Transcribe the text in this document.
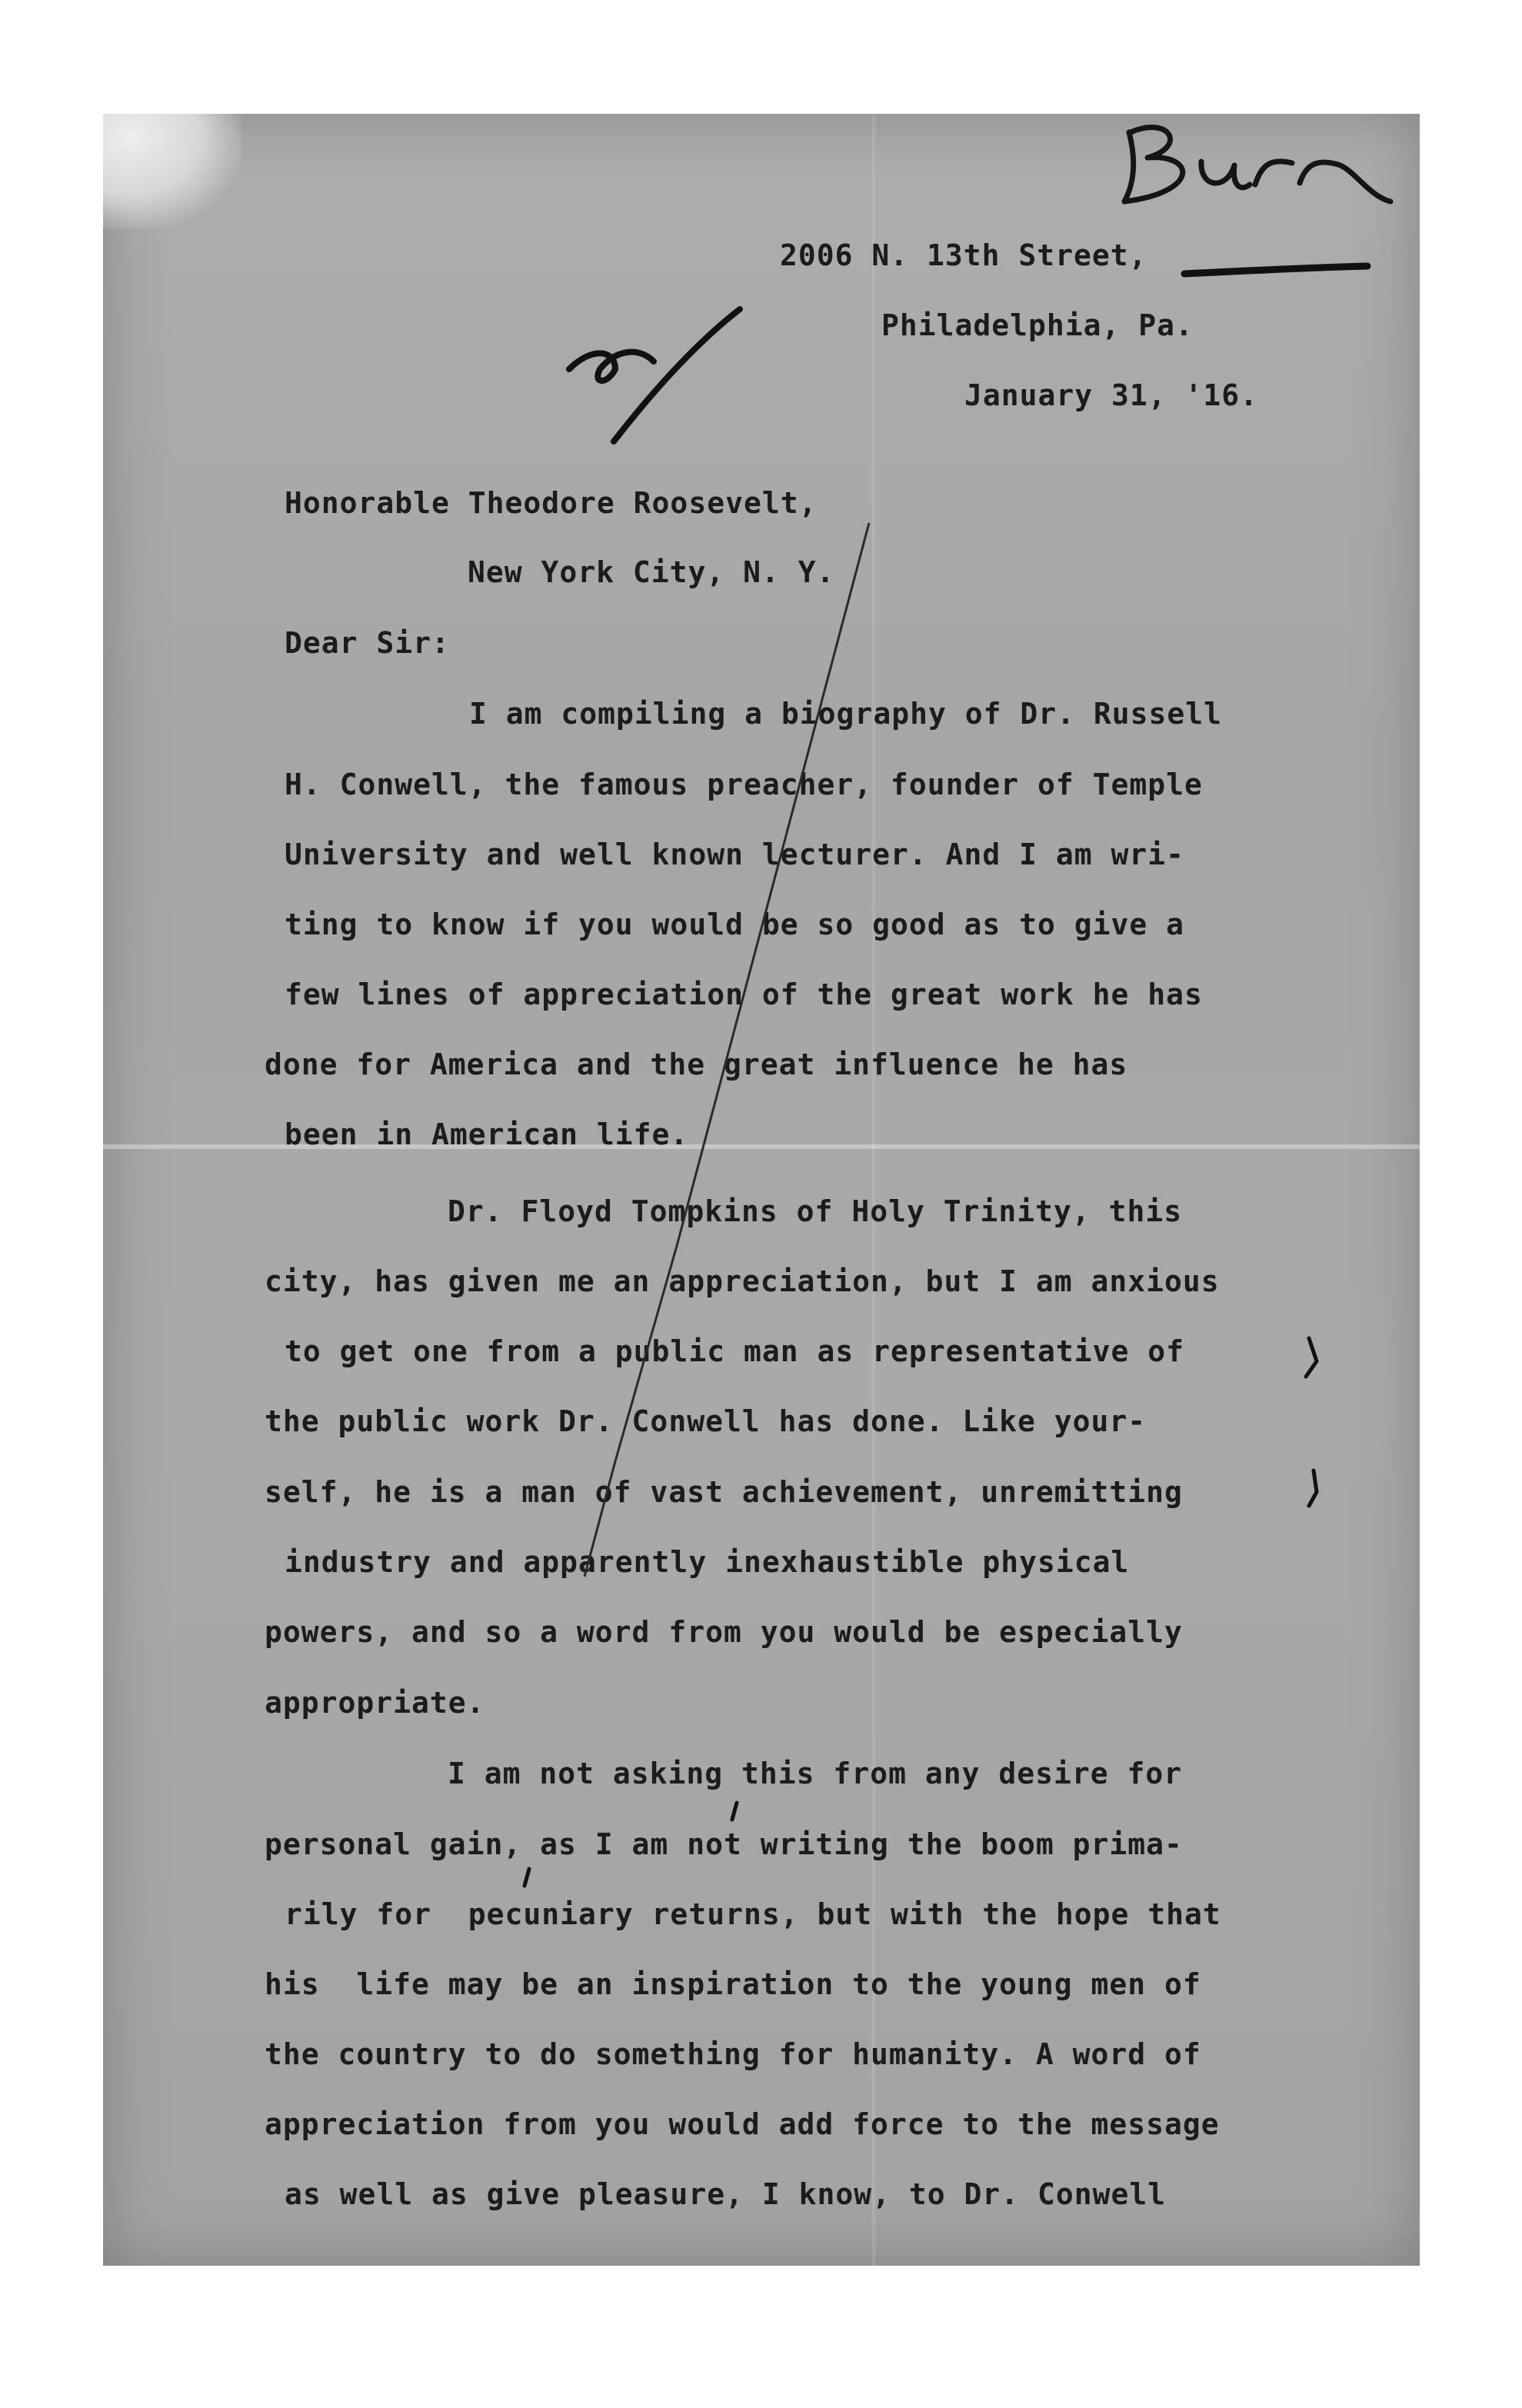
2006 N. 13th Street,

Philadelphia, Pa.

January 31, '16.

Honorable Theodore Roosevelt,

New York City, N. Y.

Dear Sir:

I am compiling a biography of Dr. Russell

H. Conwell, the famous preacher, founder of Temple

University and well known lecturer. And I am wri-

ting to know if you would be so good as to give a

few lines of appreciation of the great work he has

done for America and the great influence he has

been in American life.

Dr. Floyd Tompkins of Holy Trinity, this

city, has given me an appreciation, but I am anxious

to get one from a public man as representative of

the public work Dr. Conwell has done. Like your-

self, he is a man of vast achievement, unremitting

industry and apparently inexhaustible physical

powers, and so a word from you would be especially

appropriate.

I am not asking this from any desire for

personal gain, as I am not writing the boom prima-

rily for  pecuniary returns, but with the hope that

his  life may be an inspiration to the young men of

the country to do something for humanity. A word of

appreciation from you would add force to the message

as well as give pleasure, I know, to Dr. Conwell
